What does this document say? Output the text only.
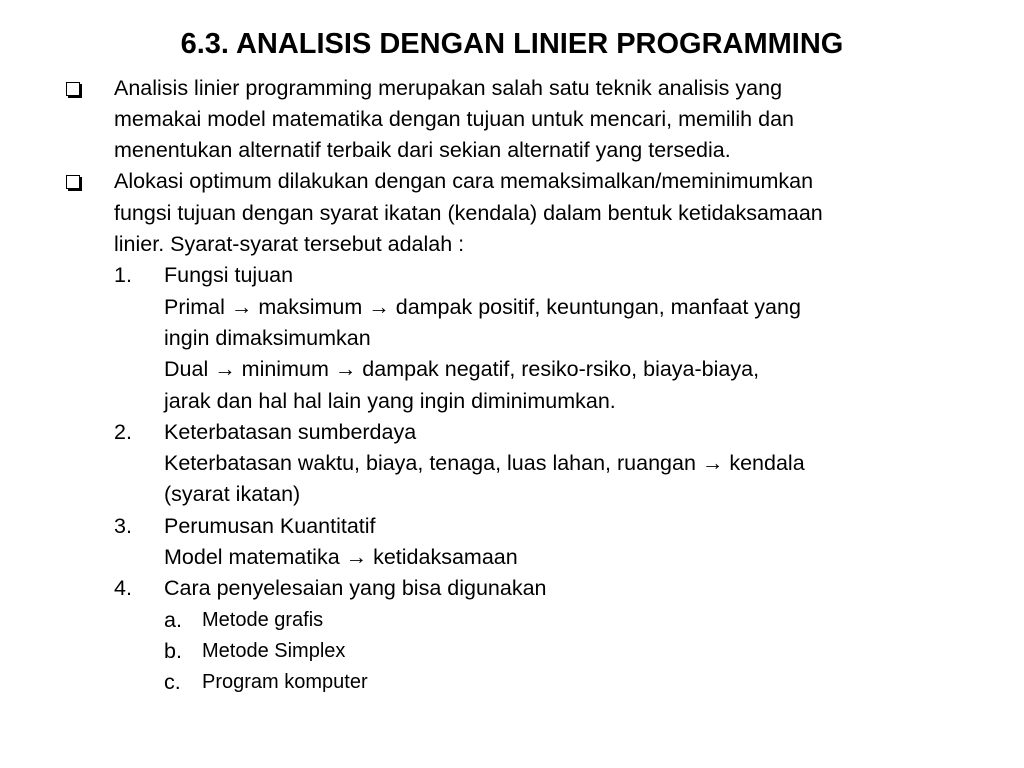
6.3. ANALISIS DENGAN LINIER PROGRAMMING
Analisis linier programming merupakan salah satu teknik analisis yang
memakai model matematika dengan tujuan untuk mencari, memilih dan
menentukan alternatif terbaik dari sekian alternatif yang tersedia.
Alokasi optimum dilakukan dengan cara memaksimalkan/meminimumkan
fungsi tujuan dengan syarat ikatan (kendala) dalam bentuk ketidaksamaan
linier. Syarat-syarat tersebut adalah :
1. Fungsi tujuan
Primal → maksimum → dampak positif, keuntungan, manfaat yang
ingin dimaksimumkan
Dual → minimum → dampak negatif, resiko-rsiko, biaya-biaya,
jarak dan hal hal lain yang ingin diminimumkan.
2. Keterbatasan sumberdaya
Keterbatasan waktu, biaya, tenaga, luas lahan, ruangan → kendala
(syarat ikatan)
3. Perumusan Kuantitatif
Model matematika → ketidaksamaan
4. Cara penyelesaian yang bisa digunakan
a. Metode grafis
b. Metode Simplex
c. Program komputer
